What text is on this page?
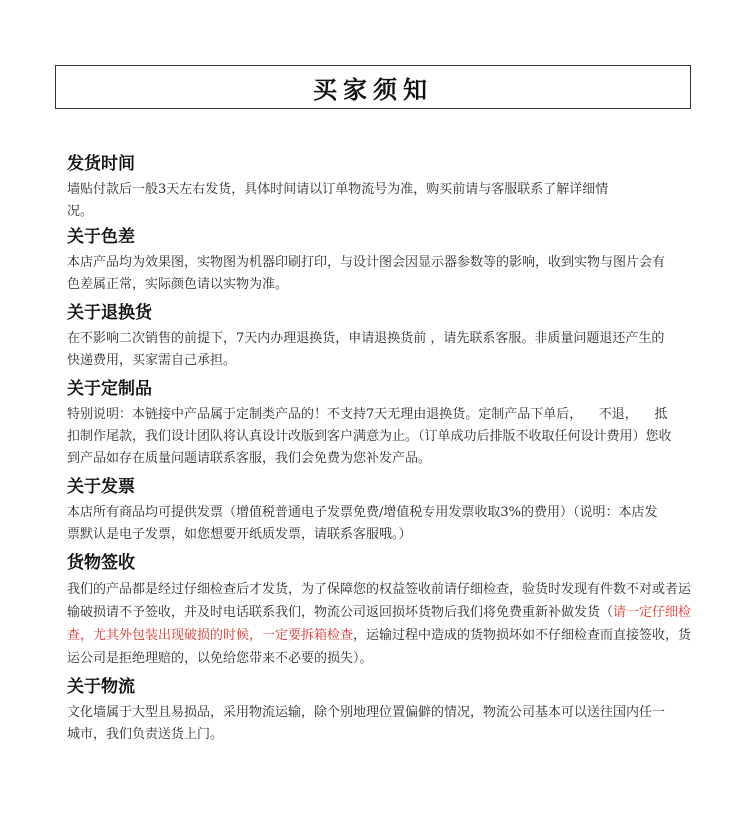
买家须知
发货时间

墙贴付款后一般3天左右发货，具体时间请以订单物流号为准，购买前请与客服联系了解详细情况。

关于色差

本店产品均为效果图，实物图为机器印刷打印，与设计图会因显示器参数等的影响，收到实物与图片会有色差属正常，实际颜色请以实物为准。

关于退换货

在不影响二次销售的前提下，7天内办理退换货，申请退换货前 ，请先联系客服。非质量问题退还产生的快递费用，买家需自己承担。

关于定制品

特别说明：本链接中产品属于定制类产品的！不支持7天无理由退换货。定制产品下单后，    不退，    抵扣制作尾款，我们设计团队将认真设计改版到客户满意为止。（订单成功后排版不收取任何设计费用）您收到产品如存在质量问题请联系客服，我们会免费为您补发产品。

关于发票

本店所有商品均可提供发票（增值税普通电子发票免费/增值税专用发票收取3%的费用）（说明：本店发票默认是电子发票，如您想要开纸质发票，请联系客服哦。）

货物签收

我们的产品都是经过仔细检查后才发货，为了保障您的权益签收前请仔细检查，验货时发现有件数不对或者运输破损请不予签收，并及时电话联系我们，物流公司返回损坏货物后我们将免费重新补做发货（请一定仔细检查，尤其外包装出现破损的时候，一定要拆箱检查，运输过程中造成的货物损坏如不仔细检查而直接签收，货运公司是拒绝理赔的，以免给您带来不必要的损失）。

关于物流

文化墙属于大型且易损品，采用物流运输，除个别地理位置偏僻的情况，物流公司基本可以送往国内任一城市，我们负责送货上门。
